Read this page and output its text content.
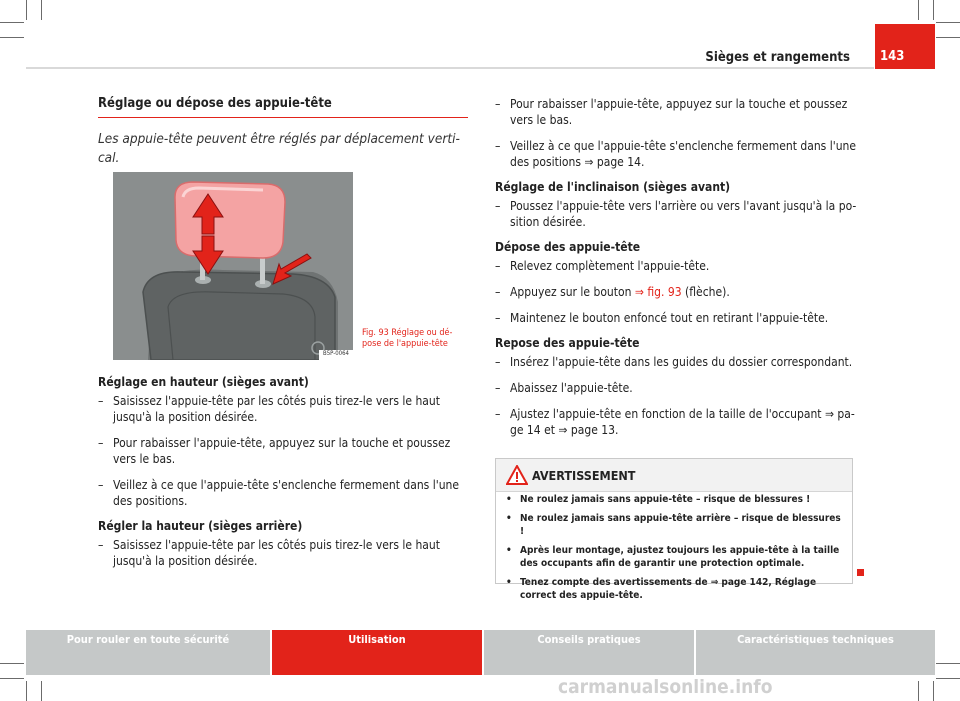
Sièges et rangements 143
Réglage ou dépose des appuie-tête

Les appuie-tête peuvent être réglés par déplacement verti-cal.

B5P-0064
Fig. 93 Réglage ou dé-pose de l'appuie-tête

Réglage en hauteur (sièges avant)

– Saisissez l'appuie-tête par les côtés puis tirez-le vers le haut jusqu'à la position désirée.
– Pour rabaisser l'appuie-tête, appuyez sur la touche et poussez vers le bas.
– Veillez à ce que l'appuie-tête s'enclenche fermement dans l'une des positions.

Régler la hauteur (sièges arrière)

– Saisissez l'appuie-tête par les côtés puis tirez-le vers le haut jusqu'à la position désirée.
– Pour rabaisser l'appuie-tête, appuyez sur la touche et poussez vers le bas.
– Veillez à ce que l'appuie-tête s'enclenche fermement dans l'une des positions ⇒ page 14.

Réglage de l'inclinaison (sièges avant)

– Poussez l'appuie-tête vers l'arrière ou vers l'avant jusqu'à la po-sition désirée.

Dépose des appuie-tête

– Relevez complètement l'appuie-tête.
– Appuyez sur le bouton ⇒ fig. 93 (flèche).
– Maintenez le bouton enfoncé tout en retirant l'appuie-tête.

Repose des appuie-tête

– Insérez l'appuie-tête dans les guides du dossier correspondant.
– Abaissez l'appuie-tête.
– Ajustez l'appuie-tête en fonction de la taille de l'occupant ⇒ pa-ge 14 et ⇒ page 13.
AVERTISSEMENT
• Ne roulez jamais sans appuie-tête – risque de blessures !
• Ne roulez jamais sans appuie-tête arrière – risque de blessures !
• Après leur montage, ajustez toujours les appuie-tête à la taille des occupants afin de garantir une protection optimale.
• Tenez compte des avertissements de ⇒ page 142, Réglage correct des appuie-tête.
Pour rouler en toute sécurité	Utilisation	Conseils pratiques	Caractéristiques techniques
carmanualsonline.info
